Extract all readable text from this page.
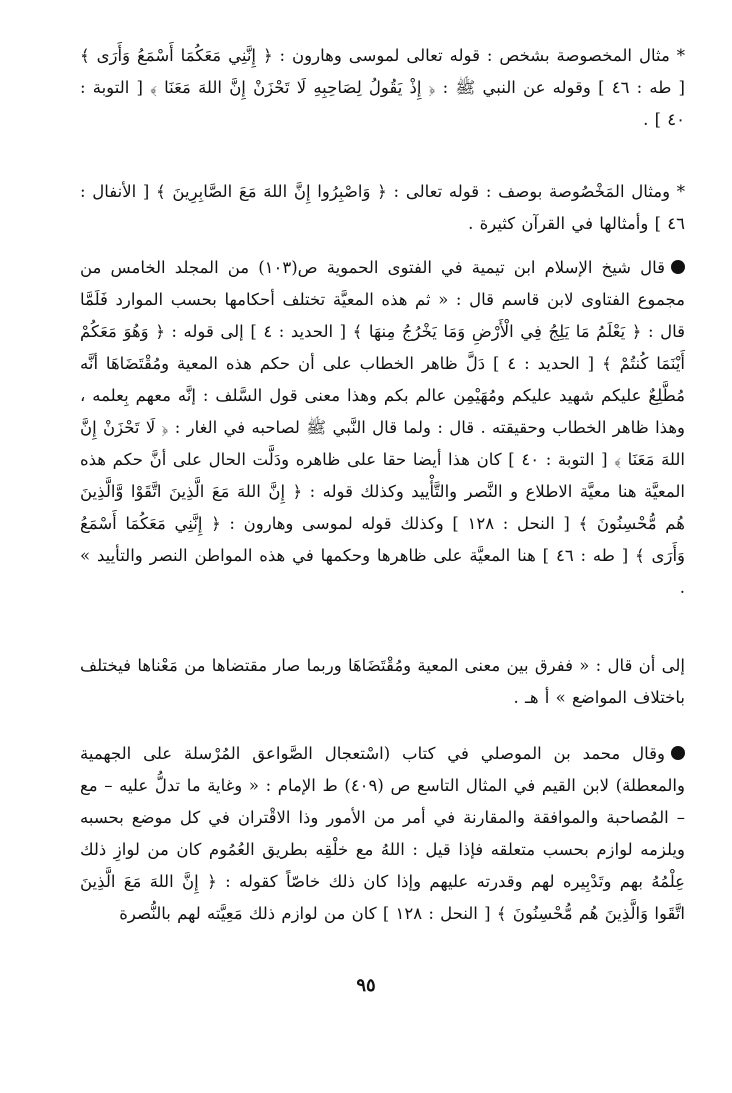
* مثال المخصوصة بشخص : قوله تعالى لموسى وهارون : ﴿ إِنَّنِي مَعَكُمَا أَسْمَعُ وَأَرَى ﴾ [ طه : ٤٦ ] وقوله عن النبي ﷺ : ﴿ إِذْ يَقُولُ لِصَاحِبِهِ لَا تَحْزَنْ إِنَّ اللهَ مَعَنَا ﴾ [ التوبة : ٤٠ ] .

* ومثال المَخْصُوصة بوصف : قوله تعالى : ﴿ وَاصْبِرُوا إِنَّ اللهَ مَعَ الصَّابِرِينَ ﴾ [ الأنفال : ٤٦ ] وأمثالها في القرآن كثيرة .

قال شيخ الإسلام ابن تيمية في الفتوى الحموية ص(١٠٣) من المجلد الخامس من مجموع الفتاوى لابن قاسم قال : « ثم هذه المعيَّة تختلف أحكامها بحسب الموارد فَلَمَّا قال : ﴿ يَعْلَمُ مَا يَلِجُ فِي الْأَرْضِ وَمَا يَخْرُجُ مِنهَا ﴾ [ الحديد : ٤ ] إلى قوله : ﴿ وَهُوَ مَعَكُمْ أَيْنَمَا كُنتُمْ ﴾ [ الحديد : ٤ ] دَلَّ ظاهر الخطاب على أن حكم هذه المعية ومُقْتَضَاهَا أنَّه مُطَّلِعٌ عليكم شهيد عليكم ومُهَيْمِن عالم بكم وهذا معنى قول السَّلف : إنَّه معهم بِعلمه ، وهذا ظاهر الخطاب وحقيقته . قال : ولما قال النَّبي ﷺ لصاحبه في الغار : ﴿ لَا تَحْزَنْ إِنَّ اللهَ مَعَنَا ﴾ [ التوبة : ٤٠ ] كان هذا أيضا حقا على ظاهره ودَلَّت الحال على أنَّ حكم هذه المعيَّة هنا معيَّة الاطلاع و النَّصر والتَّأْييد وكذلك قوله : ﴿ إِنَّ اللهَ مَعَ الَّذِينَ اتَّقَوْا وَّالَّذِينَ هُم مُّحْسِنُونَ ﴾ [ النحل : ١٢٨ ] وكذلك قوله لموسى وهارون : ﴿ إِنَّنِي مَعَكُمَا أَسْمَعُ وَأَرَى ﴾ [ طه : ٤٦ ] هنا المعيَّة على ظاهرها وحكمها في هذه المواطن النصر والتأييد » .

إلى أن قال : « ففرق بين معنى المعية ومُقْتَضَاهَا وربما صار مقتضاها من مَعْناها فيختلف باختلاف المواضع » أ هـ .

وقال محمد بن الموصلي في كتاب (اسْتعجال الصَّواعق المُرْسلة على الجهمية والمعطلة) لابن القيم في المثال التاسع ص (٤٠٩) ط الإمام : « وغاية ما تدلُّ عليه – مع – المُصاحبة والموافقة والمقارنة في أمر من الأمور وذا الاقْتران في كل موضع بحسبه ويلزمه لوازم بحسب متعلقه فإذا قيل : اللهُ مع خلْقِه بطريق العُمُوم كان من لوازِ ذلك عِلْمُهُ بهم وتَدْبِيره لهم وقدرته عليهم وإذا كان ذلك خاصّاً كقوله : ﴿ إِنَّ اللهَ مَعَ الَّذِينَ اتَّقَوا وَالَّذِينَ هُم مُّحْسِنُونَ ﴾ [ النحل : ١٢٨ ] كان من لوازم ذلك مَعِيَّته لهم بالنُّصرة

٩٥
